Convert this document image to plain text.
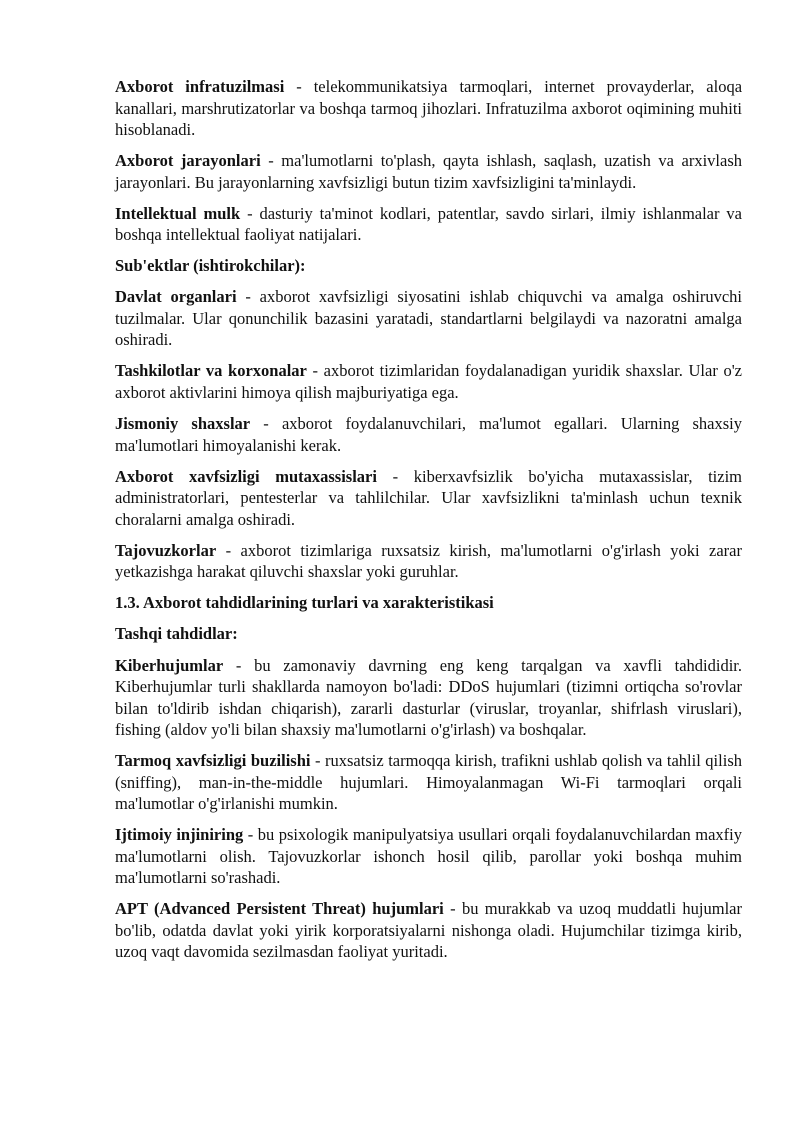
Axborot infratuzilmasi - telekommunikatsiya tarmoqlari, internet provayderlar, aloqa kanallari, marshrutizatorlar va boshqa tarmoq jihozlari. Infratuzilma axborot oqimining muhiti hisoblanadi.

Axborot jarayonlari - ma'lumotlarni to'plash, qayta ishlash, saqlash, uzatish va arxivlash jarayonlari. Bu jarayonlarning xavfsizligi butun tizim xavfsizligini ta'minlaydi.

Intellektual mulk - dasturiy ta'minot kodlari, patentlar, savdo sirlari, ilmiy ishlanmalar va boshqa intellektual faoliyat natijalari.

Sub'ektlar (ishtirokchilar):

Davlat organlari - axborot xavfsizligi siyosatini ishlab chiquvchi va amalga oshiruvchi tuzilmalar. Ular qonunchilik bazasini yaratadi, standartlarni belgilaydi va nazoratni amalga oshiradi.

Tashkilotlar va korxonalar - axborot tizimlaridan foydalanadigan yuridik shaxslar. Ular o'z axborot aktivlarini himoya qilish majburiyatiga ega.

Jismoniy shaxslar - axborot foydalanuvchilari, ma'lumot egallari. Ularning shaxsiy ma'lumotlari himoyalanishi kerak.

Axborot xavfsizligi mutaxassislari - kiberxavfsizlik bo'yicha mutaxassislar, tizim administratorlari, pentesterlar va tahlilchilar. Ular xavfsizlikni ta'minlash uchun texnik choralarni amalga oshiradi.

Tajovuzkorlar - axborot tizimlariga ruxsatsiz kirish, ma'lumotlarni o'g'irlash yoki zarar yetkazishga harakat qiluvchi shaxslar yoki guruhlar.

1.3. Axborot tahdidlarining turlari va xarakteristikasi

Tashqi tahdidlar:

Kiberhujumlar - bu zamonaviy davrning eng keng tarqalgan va xavfli tahdididir. Kiberhujumlar turli shakllarda namoyon bo'ladi: DDoS hujumlari (tizimni ortiqcha so'rovlar bilan to'ldirib ishdan chiqarish), zararli dasturlar (viruslar, troyanlar, shifrlash viruslari), fishing (aldov yo'li bilan shaxsiy ma'lumotlarni o'g'irlash) va boshqalar.

Tarmoq xavfsizligi buzilishi - ruxsatsiz tarmoqqa kirish, trafikni ushlab qolish va tahlil qilish (sniffing), man-in-the-middle hujumlari. Himoyalanmagan Wi-Fi tarmoqlari orqali ma'lumotlar o'g'irlanishi mumkin.

Ijtimoiy injiniring - bu psixologik manipulyatsiya usullari orqali foydalanuvchilardan maxfiy ma'lumotlarni olish. Tajovuzkorlar ishonch hosil qilib, parollar yoki boshqa muhim ma'lumotlarni so'rashadi.

APT (Advanced Persistent Threat) hujumlari - bu murakkab va uzoq muddatli hujumlar bo'lib, odatda davlat yoki yirik korporatsiyalarni nishonga oladi. Hujumchilar tizimga kirib, uzoq vaqt davomida sezilmasdan faoliyat yuritadi.
